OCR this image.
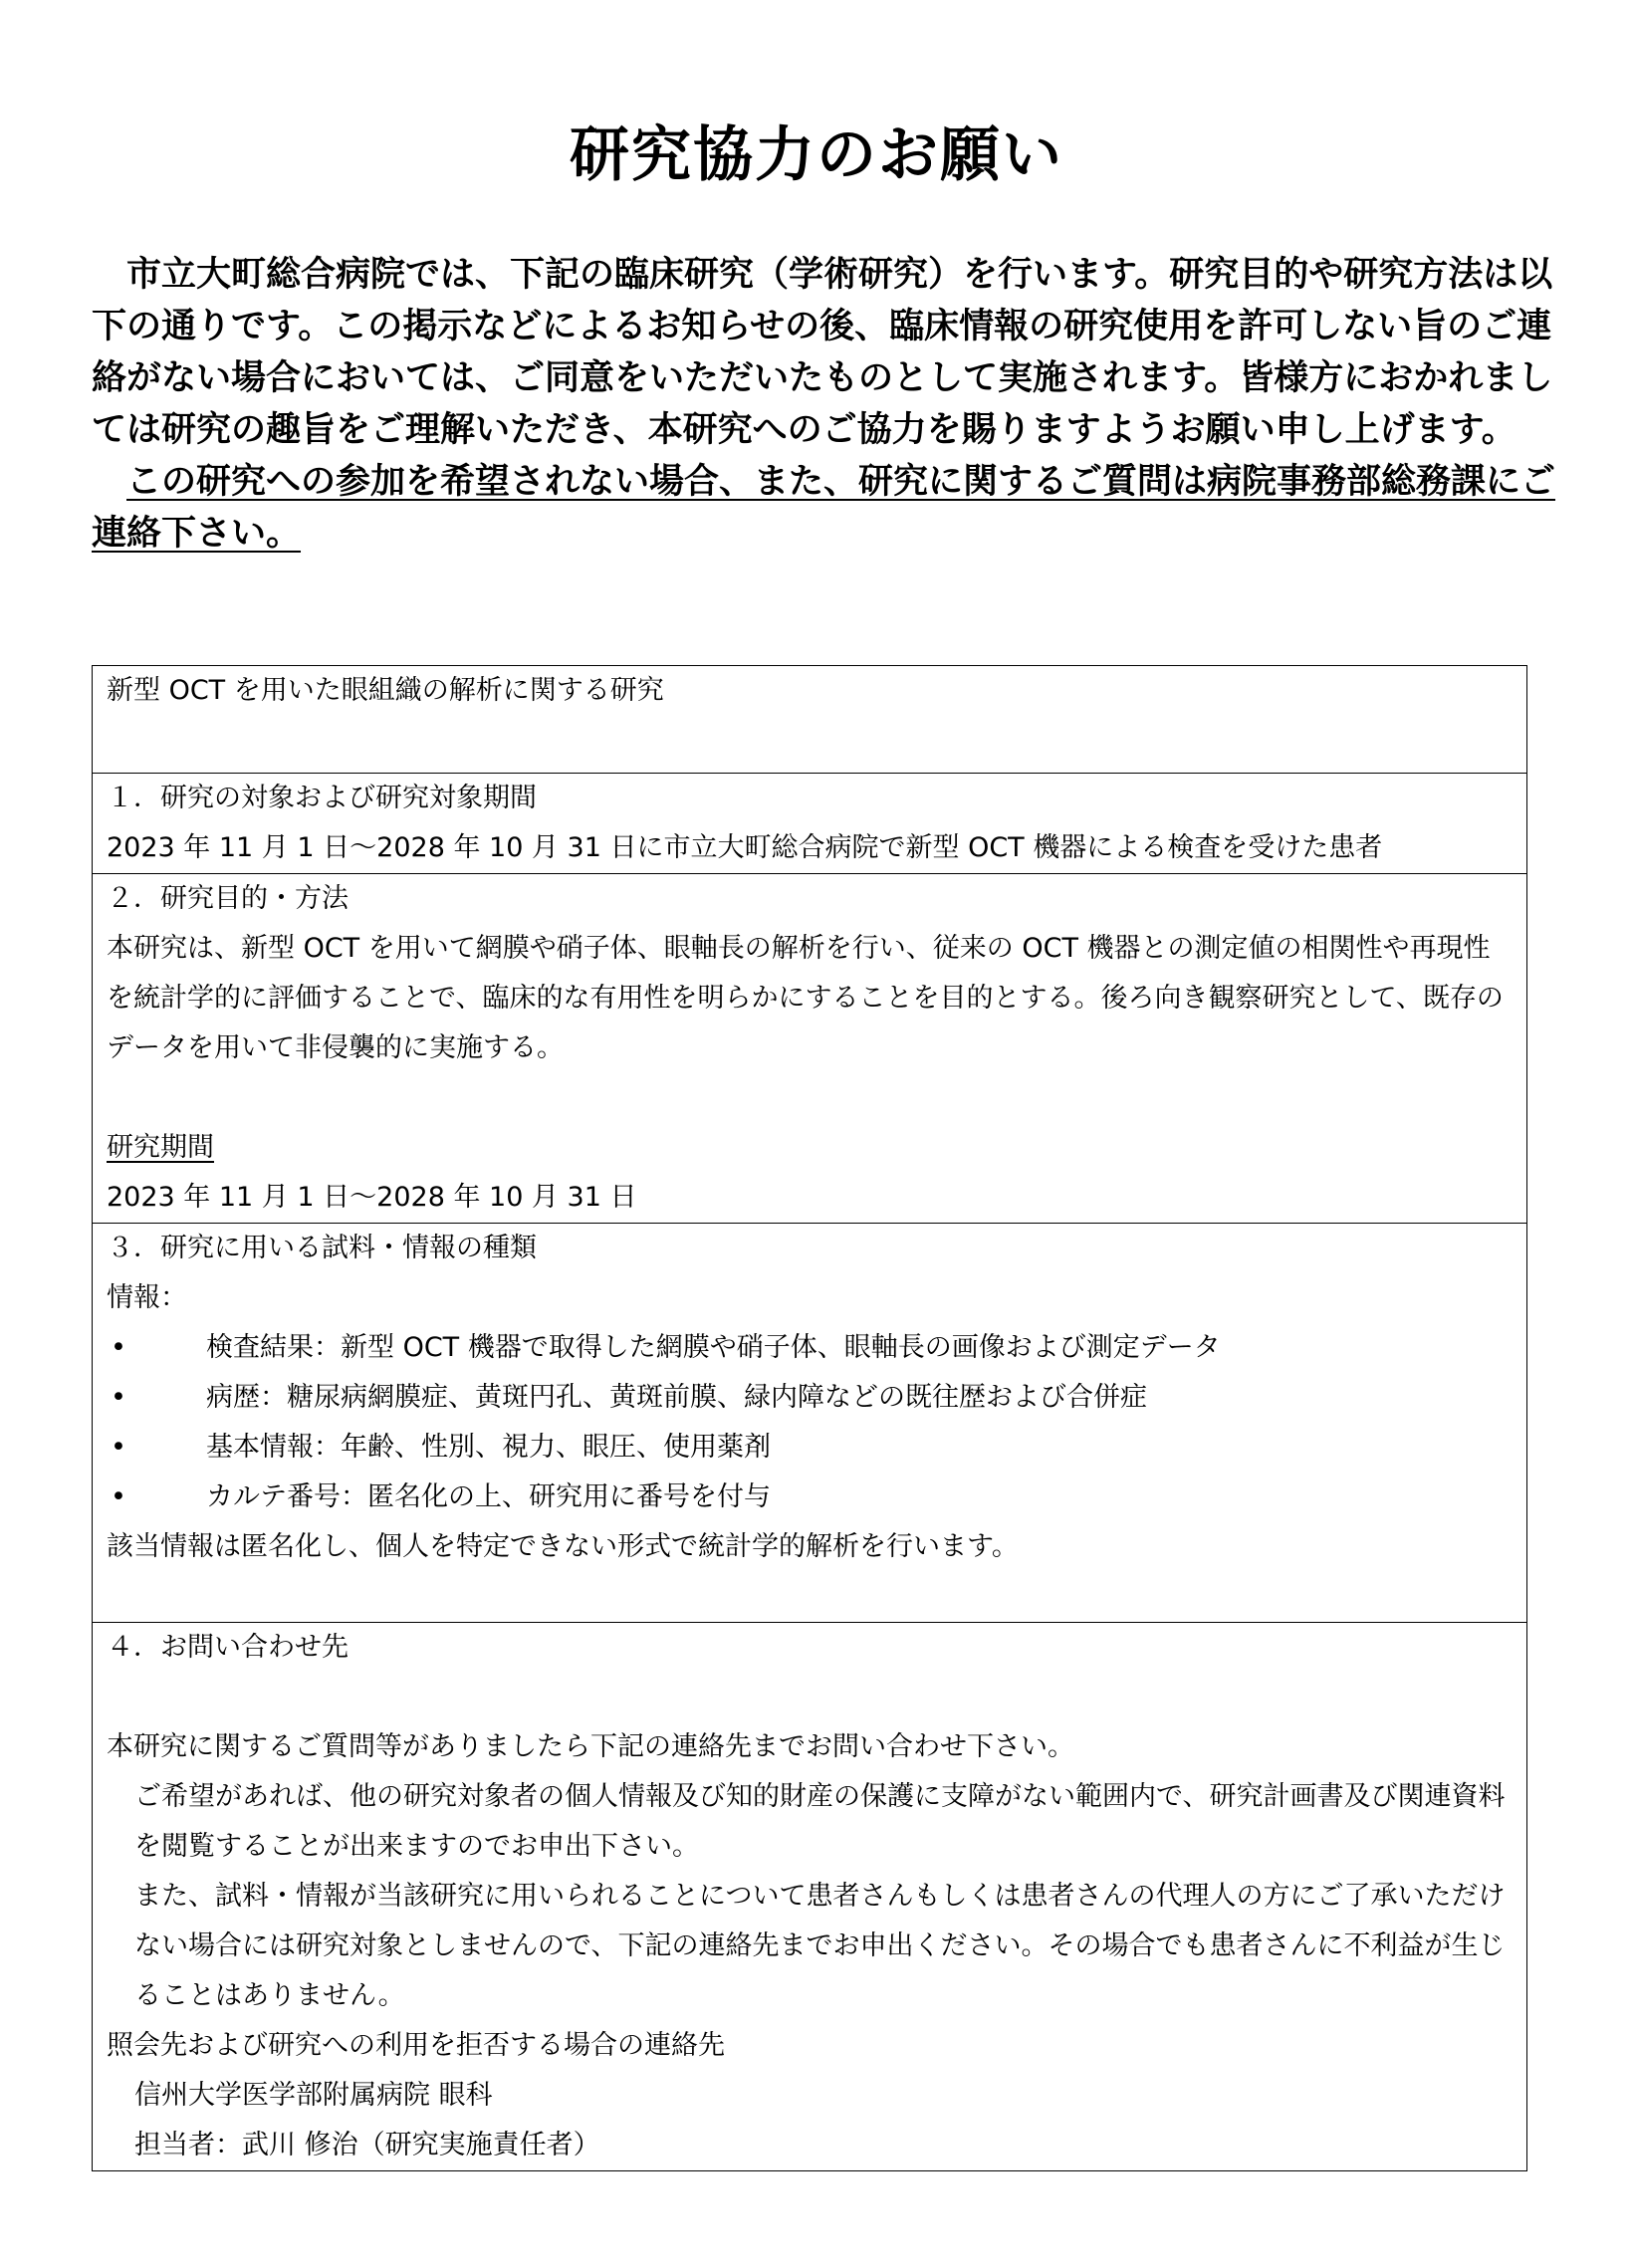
研究協力のお願い

市立大町総合病院では、下記の臨床研究（学術研究）を行います。研究目的や研究方法は以下の通りです。この掲示などによるお知らせの後、臨床情報の研究使用を許可しない旨のご連絡がない場合においては、ご同意をいただいたものとして実施されます。皆様方におかれましては研究の趣旨をご理解いただき、本研究へのご協力を賜りますようお願い申し上げます。

この研究への参加を希望されない場合、また、研究に関するご質問は病院事務部総務課にご連絡下さい。

新型 OCT を用いた眼組織の解析に関する研究

１．研究の対象および研究対象期間
2023 年 11 月 1 日～2028 年 10 月 31 日に市立大町総合病院で新型 OCT 機器による検査を受けた患者

２．研究目的・方法
本研究は、新型 OCT を用いて網膜や硝子体、眼軸長の解析を行い、従来の OCT 機器との測定値の相関性や再現性を統計学的に評価することで、臨床的な有用性を明らかにすることを目的とする。後ろ向き観察研究として、既存のデータを用いて非侵襲的に実施する。
研究期間
2023 年 11 月 1 日～2028 年 10 月 31 日

３．研究に用いる試料・情報の種類
情報：
•	検査結果：新型 OCT 機器で取得した網膜や硝子体、眼軸長の画像および測定データ
•	病歴：糖尿病網膜症、黄斑円孔、黄斑前膜、緑内障などの既往歴および合併症
•	基本情報：年齢、性別、視力、眼圧、使用薬剤
•	カルテ番号：匿名化の上、研究用に番号を付与
該当情報は匿名化し、個人を特定できない形式で統計学的解析を行います。

４．お問い合わせ先
本研究に関するご質問等がありましたら下記の連絡先までお問い合わせ下さい。
ご希望があれば、他の研究対象者の個人情報及び知的財産の保護に支障がない範囲内で、研究計画書及び関連資料を閲覧することが出来ますのでお申出下さい。
また、試料・情報が当該研究に用いられることについて患者さんもしくは患者さんの代理人の方にご了承いただけない場合には研究対象としませんので、下記の連絡先までお申出ください。その場合でも患者さんに不利益が生じることはありません。
照会先および研究への利用を拒否する場合の連絡先
信州大学医学部附属病院 眼科
担当者：武川 修治（研究実施責任者）
